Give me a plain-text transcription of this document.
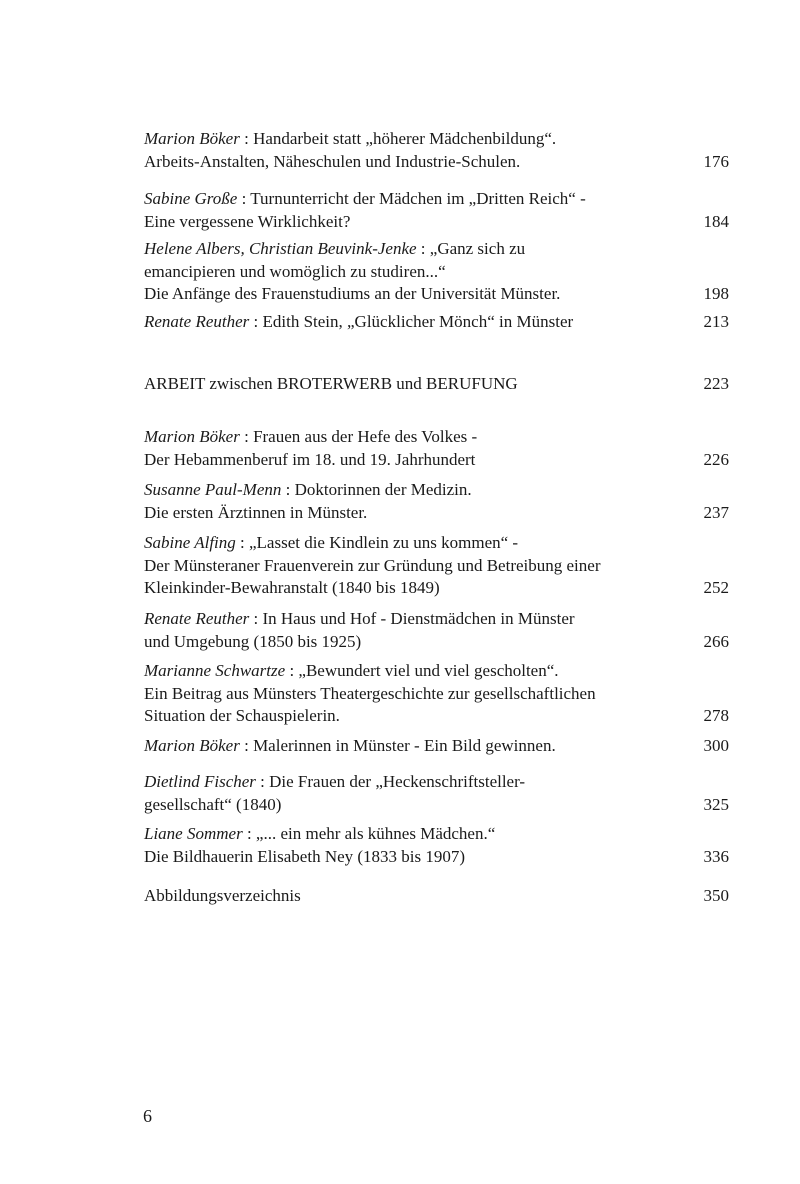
Marion Böker : Handarbeit statt „höherer Mädchenbildung“.
Arbeits-Anstalten, Näheschulen und Industrie-Schulen.	176
Sabine Große : Turnunterricht der Mädchen im „Dritten Reich“ -
Eine vergessene Wirklichkeit?	184
Helene Albers, Christian Beuvink-Jenke : „Ganz sich zu
emancipieren und womöglich zu studiren...“
Die Anfänge des Frauenstudiums an der Universität Münster.	198
Renate Reuther : Edith Stein, „Glücklicher Mönch“ in Münster	213
ARBEIT zwischen BROTERWERB und BERUFUNG	223
Marion Böker : Frauen aus der Hefe des Volkes -
Der Hebammenberuf im 18. und 19. Jahrhundert	226
Susanne Paul-Menn : Doktorinnen der Medizin.
Die ersten Ärztinnen in Münster.	237
Sabine Alfing : „Lasset die Kindlein zu uns kommen“ -
Der Münsteraner Frauenverein zur Gründung und Betreibung einer
Kleinkinder-Bewahranstalt (1840 bis 1849)	252
Renate Reuther : In Haus und Hof - Dienstmädchen in Münster
und Umgebung (1850 bis 1925)	266
Marianne Schwartze : „Bewundert viel und viel gescholten“.
Ein Beitrag aus Münsters Theatergeschichte zur gesellschaftlichen
Situation der Schauspielerin.	278
Marion Böker : Malerinnen in Münster - Ein Bild gewinnen.	300
Dietlind Fischer : Die Frauen der „Heckenschriftsteller-
gesellschaft“ (1840)	325
Liane Sommer : „... ein mehr als kühnes Mädchen.“
Die Bildhauerin Elisabeth Ney (1833 bis 1907)	336
Abbildungsverzeichnis	350
6
